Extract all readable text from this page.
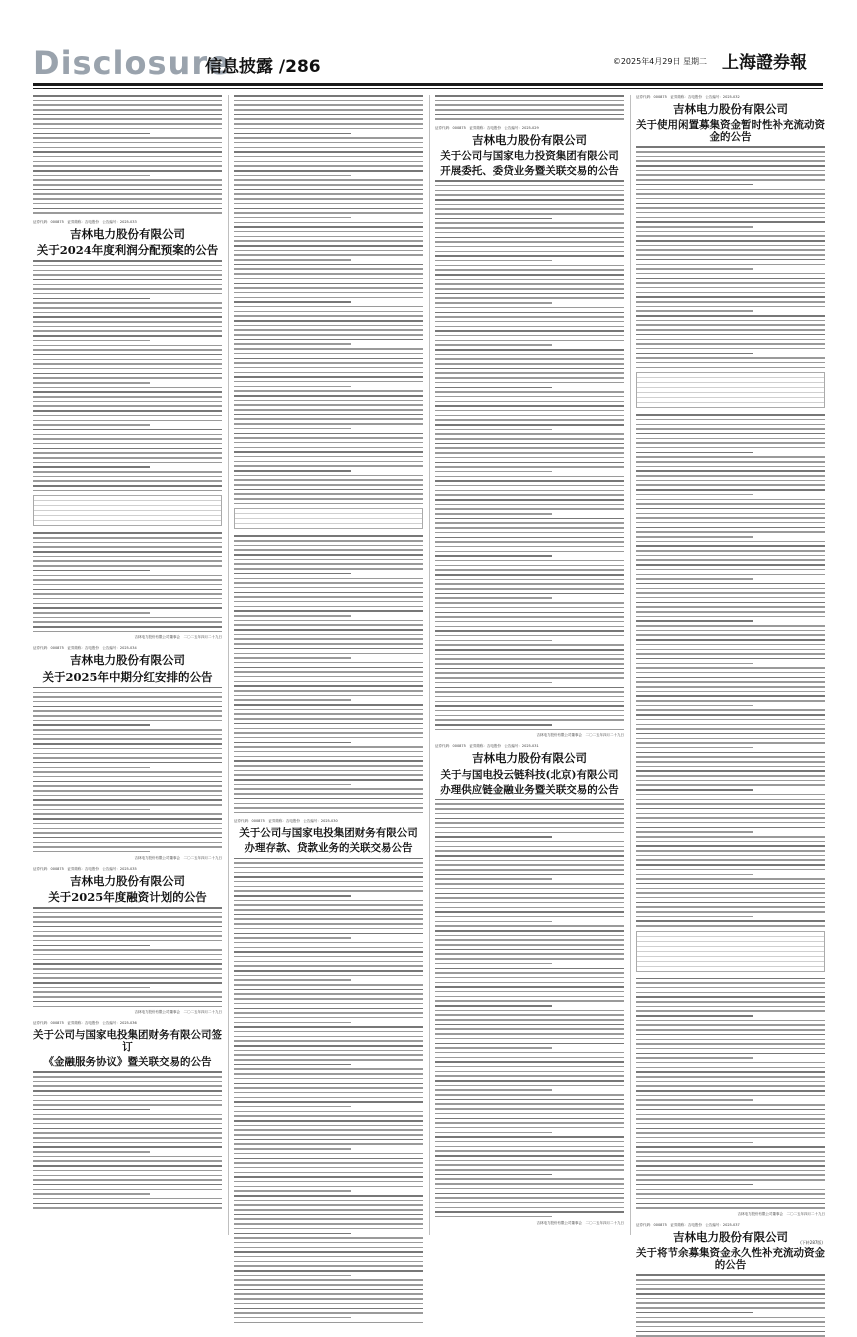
Disclosure
信息披露 /286	©2025年4月29日 星期二 上海證券報
证券代码：000875　证券简称：吉电股份　公告编号：2025-033
吉林电力股份有限公司
关于2024年度利润分配预案的公告
吉林电力股份有限公司董事会　二〇二五年四月二十九日
证券代码：000875　证券简称：吉电股份　公告编号：2025-034
吉林电力股份有限公司
关于2025年中期分红安排的公告
吉林电力股份有限公司董事会　二〇二五年四月二十九日
证券代码：000875　证券简称：吉电股份　公告编号：2025-035
吉林电力股份有限公司
关于2025年度融资计划的公告
吉林电力股份有限公司董事会　二〇二五年四月二十九日
证券代码：000875　证券简称：吉电股份　公告编号：2025-036
关于公司与国家电投集团财务有限公司签订
《金融服务协议》暨关联交易的公告
证券代码：000875　证券简称：吉电股份　公告编号：2025-030
关于公司与国家电投集团财务有限公司
办理存款、贷款业务的关联交易公告
证券代码：000875　证券简称：吉电股份　公告编号：2025-029
吉林电力股份有限公司
关于公司与国家电力投资集团有限公司
开展委托、委贷业务暨关联交易的公告
吉林电力股份有限公司董事会　二〇二五年四月二十九日
证券代码：000875　证券简称：吉电股份　公告编号：2025-031
吉林电力股份有限公司
关于与国电投云链科技(北京)有限公司
办理供应链金融业务暨关联交易的公告
吉林电力股份有限公司董事会　二〇二五年四月二十九日
证券代码：000875　证券简称：吉电股份　公告编号：2025-032
吉林电力股份有限公司
关于使用闲置募集资金暂时性补充流动资金的公告
吉林电力股份有限公司董事会　二〇二五年四月二十九日
证券代码：000875　证券简称：吉电股份　公告编号：2025-037
吉林电力股份有限公司
关于将节余募集资金永久性补充流动资金的公告
(下转287版)
